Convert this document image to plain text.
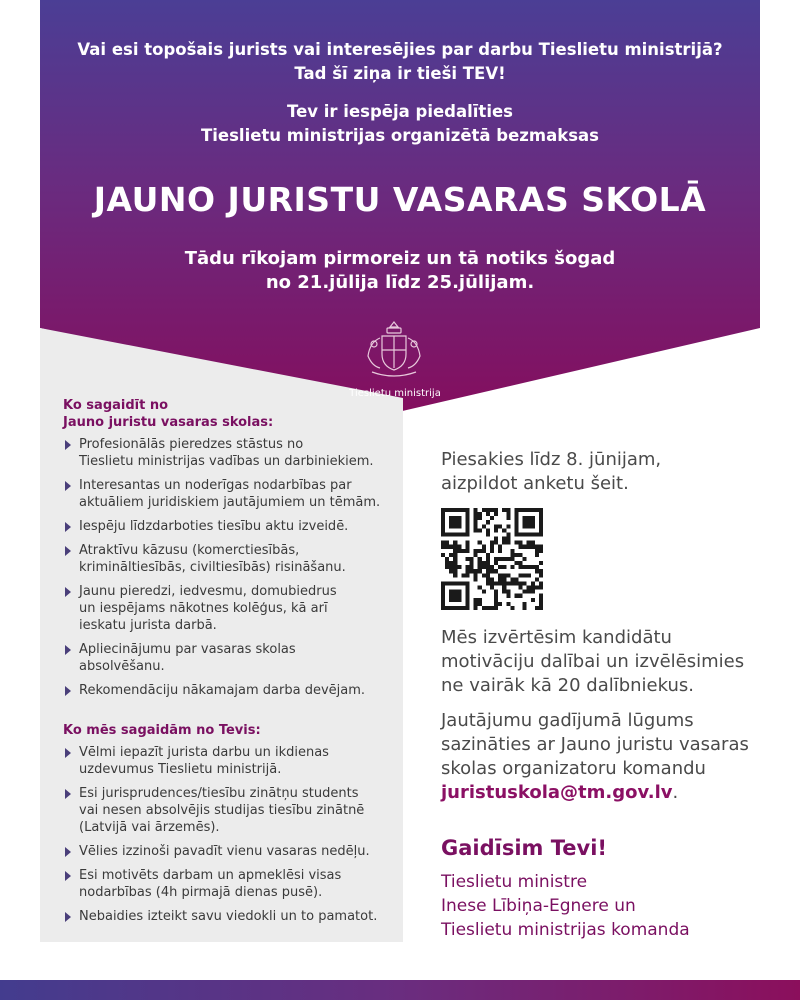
Vai esi topošais jurists vai interesējies par darbu Tieslietu ministrijā?
Tad šī ziņa ir tieši TEV!
Tev ir iespēja piedalīties
Tieslietu ministrijas organizētā bezmaksas
JAUNO JURISTU VASARAS SKOLĀ
Tādu rīkojam pirmoreiz un tā notiks šogad
no 21.jūlija līdz 25.jūlijam.
Tieslietu ministrija
Ko sagaidīt no
Jauno juristu vasaras skolas:
Profesionālās pieredzes stāstus no
Tieslietu ministrijas vadības un darbiniekiem.
Interesantas un noderīgas nodarbības par
aktuāliem juridiskiem jautājumiem un tēmām.
Iespēju līdzdarboties tiesību aktu izveidē.
Atraktīvu kāzusu (komerctiesībās,
krimināltiesībās, civiltiesībās) risināšanu.
Jaunu pieredzi, iedvesmu, domubiedrus
un iespējams nākotnes kolēģus, kā arī
ieskatu jurista darbā.
Apliecinājumu par vasaras skolas
absolvēšanu.
Rekomendāciju nākamajam darba devējam.
Ko mēs sagaidām no Tevis:
Vēlmi iepazīt jurista darbu un ikdienas
uzdevumus Tieslietu ministrijā.
Esi jurisprudences/tiesību zinātņu students
vai nesen absolvējis studijas tiesību zinātnē
(Latvijā vai ārzemēs).
Vēlies izzinoši pavadīt vienu vasaras nedēļu.
Esi motivēts darbam un apmeklēsi visas
nodarbības (4h pirmajā dienas pusē).
Nebaidies izteikt savu viedokli un to pamatot.
Piesakies līdz 8. jūnijam,
aizpildot anketu šeit.
Mēs izvērtēsim kandidātu
motivāciju dalībai un izvēlēsimies
ne vairāk kā 20 dalībniekus.
Jautājumu gadījumā lūgums
sazināties ar Jauno juristu vasaras
skolas organizatoru komandu
juristuskola@tm.gov.lv.
Gaidīsim Tevi!
Tieslietu ministre
Inese Lībiņa-Egnere un
Tieslietu ministrijas komanda
